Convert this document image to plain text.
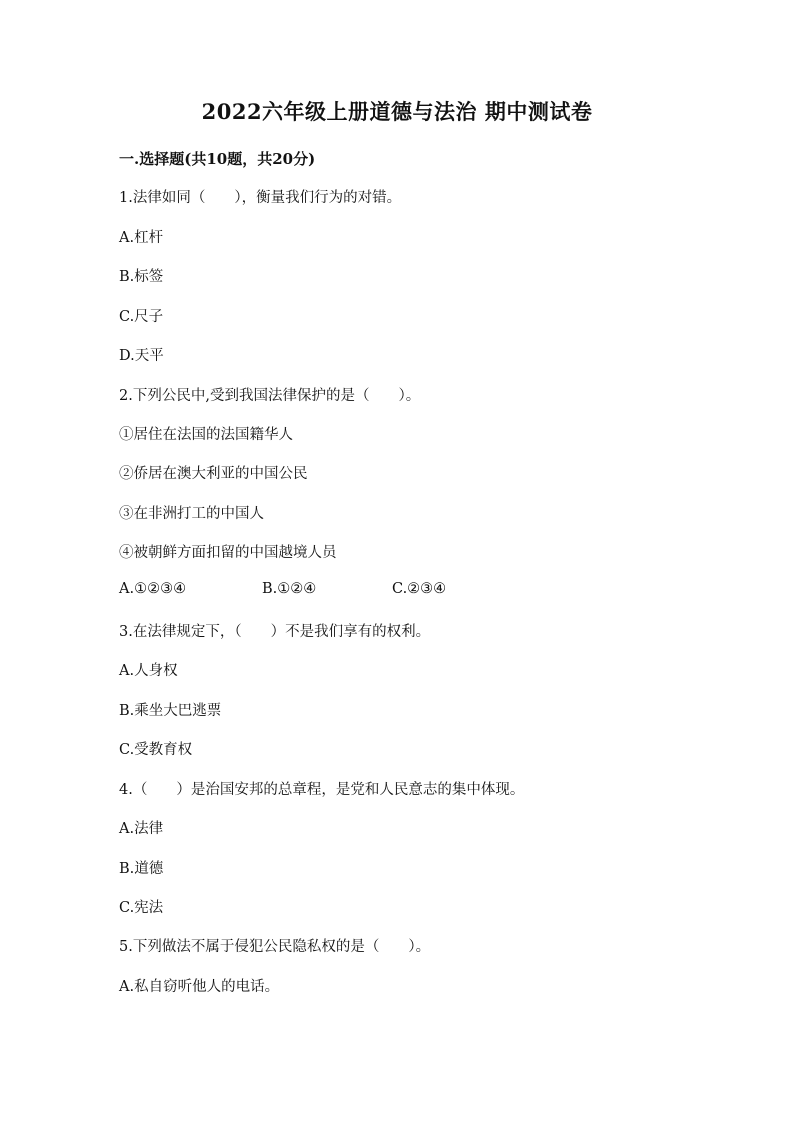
2022六年级上册道德与法治 期中测试卷
一.选择题(共10题，共20分)
1.法律如同（　　），衡量我们行为的对错。
A.杠杆
B.标签
C.尺子
D.天平
2.下列公民中,受到我国法律保护的是（　　）。
①居住在法国的法国籍华人
②侨居在澳大利亚的中国公民
③在非洲打工的中国人
④被朝鲜方面扣留的中国越境人员
A.①②③④	B.①②④	C.②③④
3.在法律规定下，（　　）不是我们享有的权利。
A.人身权
B.乘坐大巴逃票
C.受教育权
4.（　　）是治国安邦的总章程，是党和人民意志的集中体现。
A.法律
B.道德
C.宪法
5.下列做法不属于侵犯公民隐私权的是（　　）。
A.私自窃听他人的电话。
